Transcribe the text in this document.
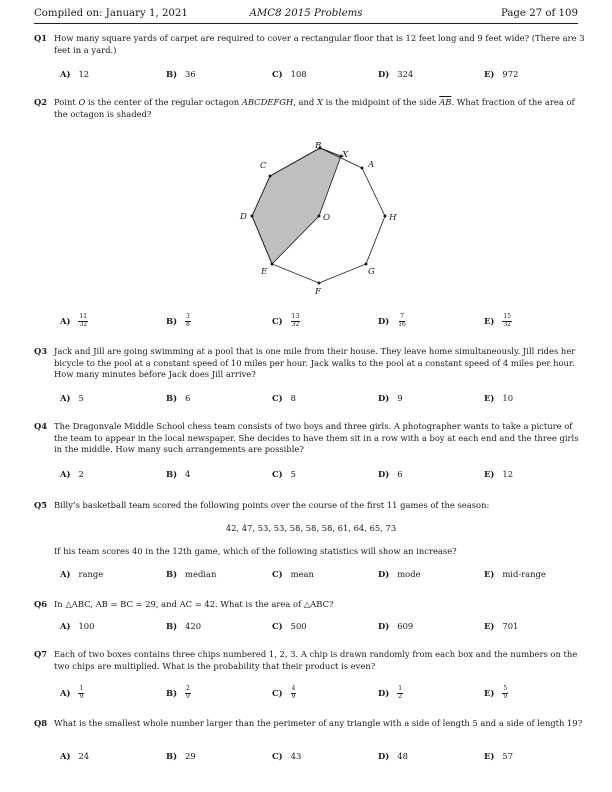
Compiled on: January 1, 2021	AMC8 2015 Problems	Page 27 of 109
Q1 How many square yards of carpet are required to cover a rectangular floor that is 12 feet long and 9 feet wide? (There are 3 feet in a yard.)
A) 12	B) 36	C) 108	D) 324	E) 972
Q2 Point O is the center of the regular octagon ABCDEFGH, and X is the midpoint of the side $\overline{AB}$. What fraction of the area of the octagon is shaded?
A
B
C
D
E
F
G
H
O
X
$A) \frac{11}{32}$	$B) \frac{3}{8}$	$C) \frac{13}{32}$	$D) \frac{7}{16}$	$E) \frac{15}{32}$
Q3 Jack and Jill are going swimming at a pool that is one mile from their house. They leave home simultaneously. Jill rides her bicycle to the pool at a constant speed of 10 miles per hour. Jack walks to the pool at a constant speed of 4 miles per hour. How many minutes before Jack does Jill arrive?
A) 5	B) 6	C) 8	D) 9	E) 10
Q4 The Dragonvale Middle School chess team consists of two boys and three girls. A photographer wants to take a picture of the team to appear in the local newspaper. She decides to have them sit in a row with a boy at each end and the three girls in the middle. How many such arrangements are possible?
A) 2	B) 4	C) 5	D) 6	E) 12
Q5 Billy’s basketball team scored the following points over the course of the first 11 games of the season:
42, 47, 53, 53, 58, 58, 58, 61, 64, 65, 73
If his team scores 40 in the 12th game, which of the following statistics will show an increase?
A) range	B) median	C) mean	D) mode	E) mid-range
Q6 In △ABC, AB = BC = 29, and AC = 42. What is the area of △ABC?
A) 100	B) 420	C) 500	D) 609	E) 701
Q7 Each of two boxes contains three chips numbered 1, 2, 3. A chip is drawn randomly from each box and the numbers on the two chips are multiplied. What is the probability that their product is even?
$A) \frac{1}{9}$	$B) \frac{2}{9}$	$C) \frac{4}{9}$	$D) \frac{1}{2}$	$E) \frac{5}{9}$
Q8 What is the smallest whole number larger than the perimeter of any triangle with a side of length 5 and a side of length 19?
A) 24	B) 29	C) 43	D) 48	E) 57
